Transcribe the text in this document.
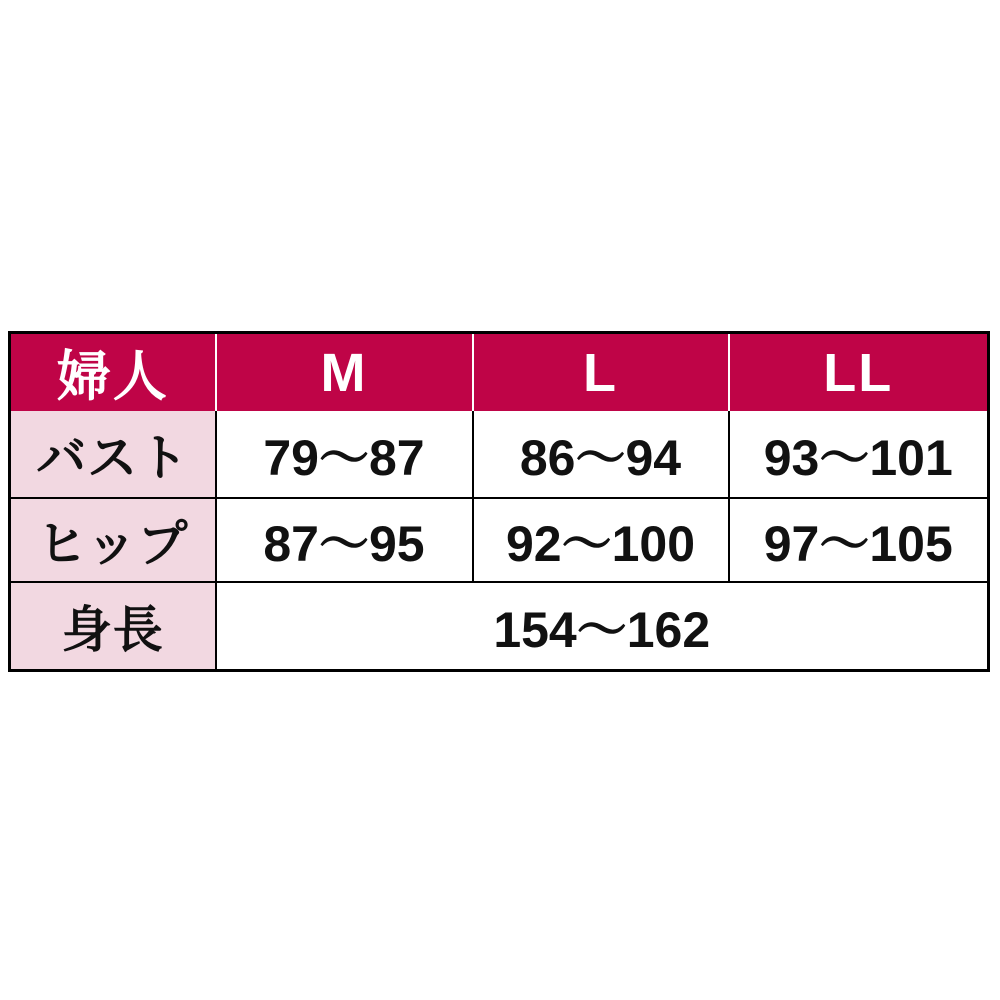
婦人	M	L	LL
バスト	79〜87	86〜94	93〜101
ヒップ	87〜95	92〜100	97〜105
身長	154〜162		
